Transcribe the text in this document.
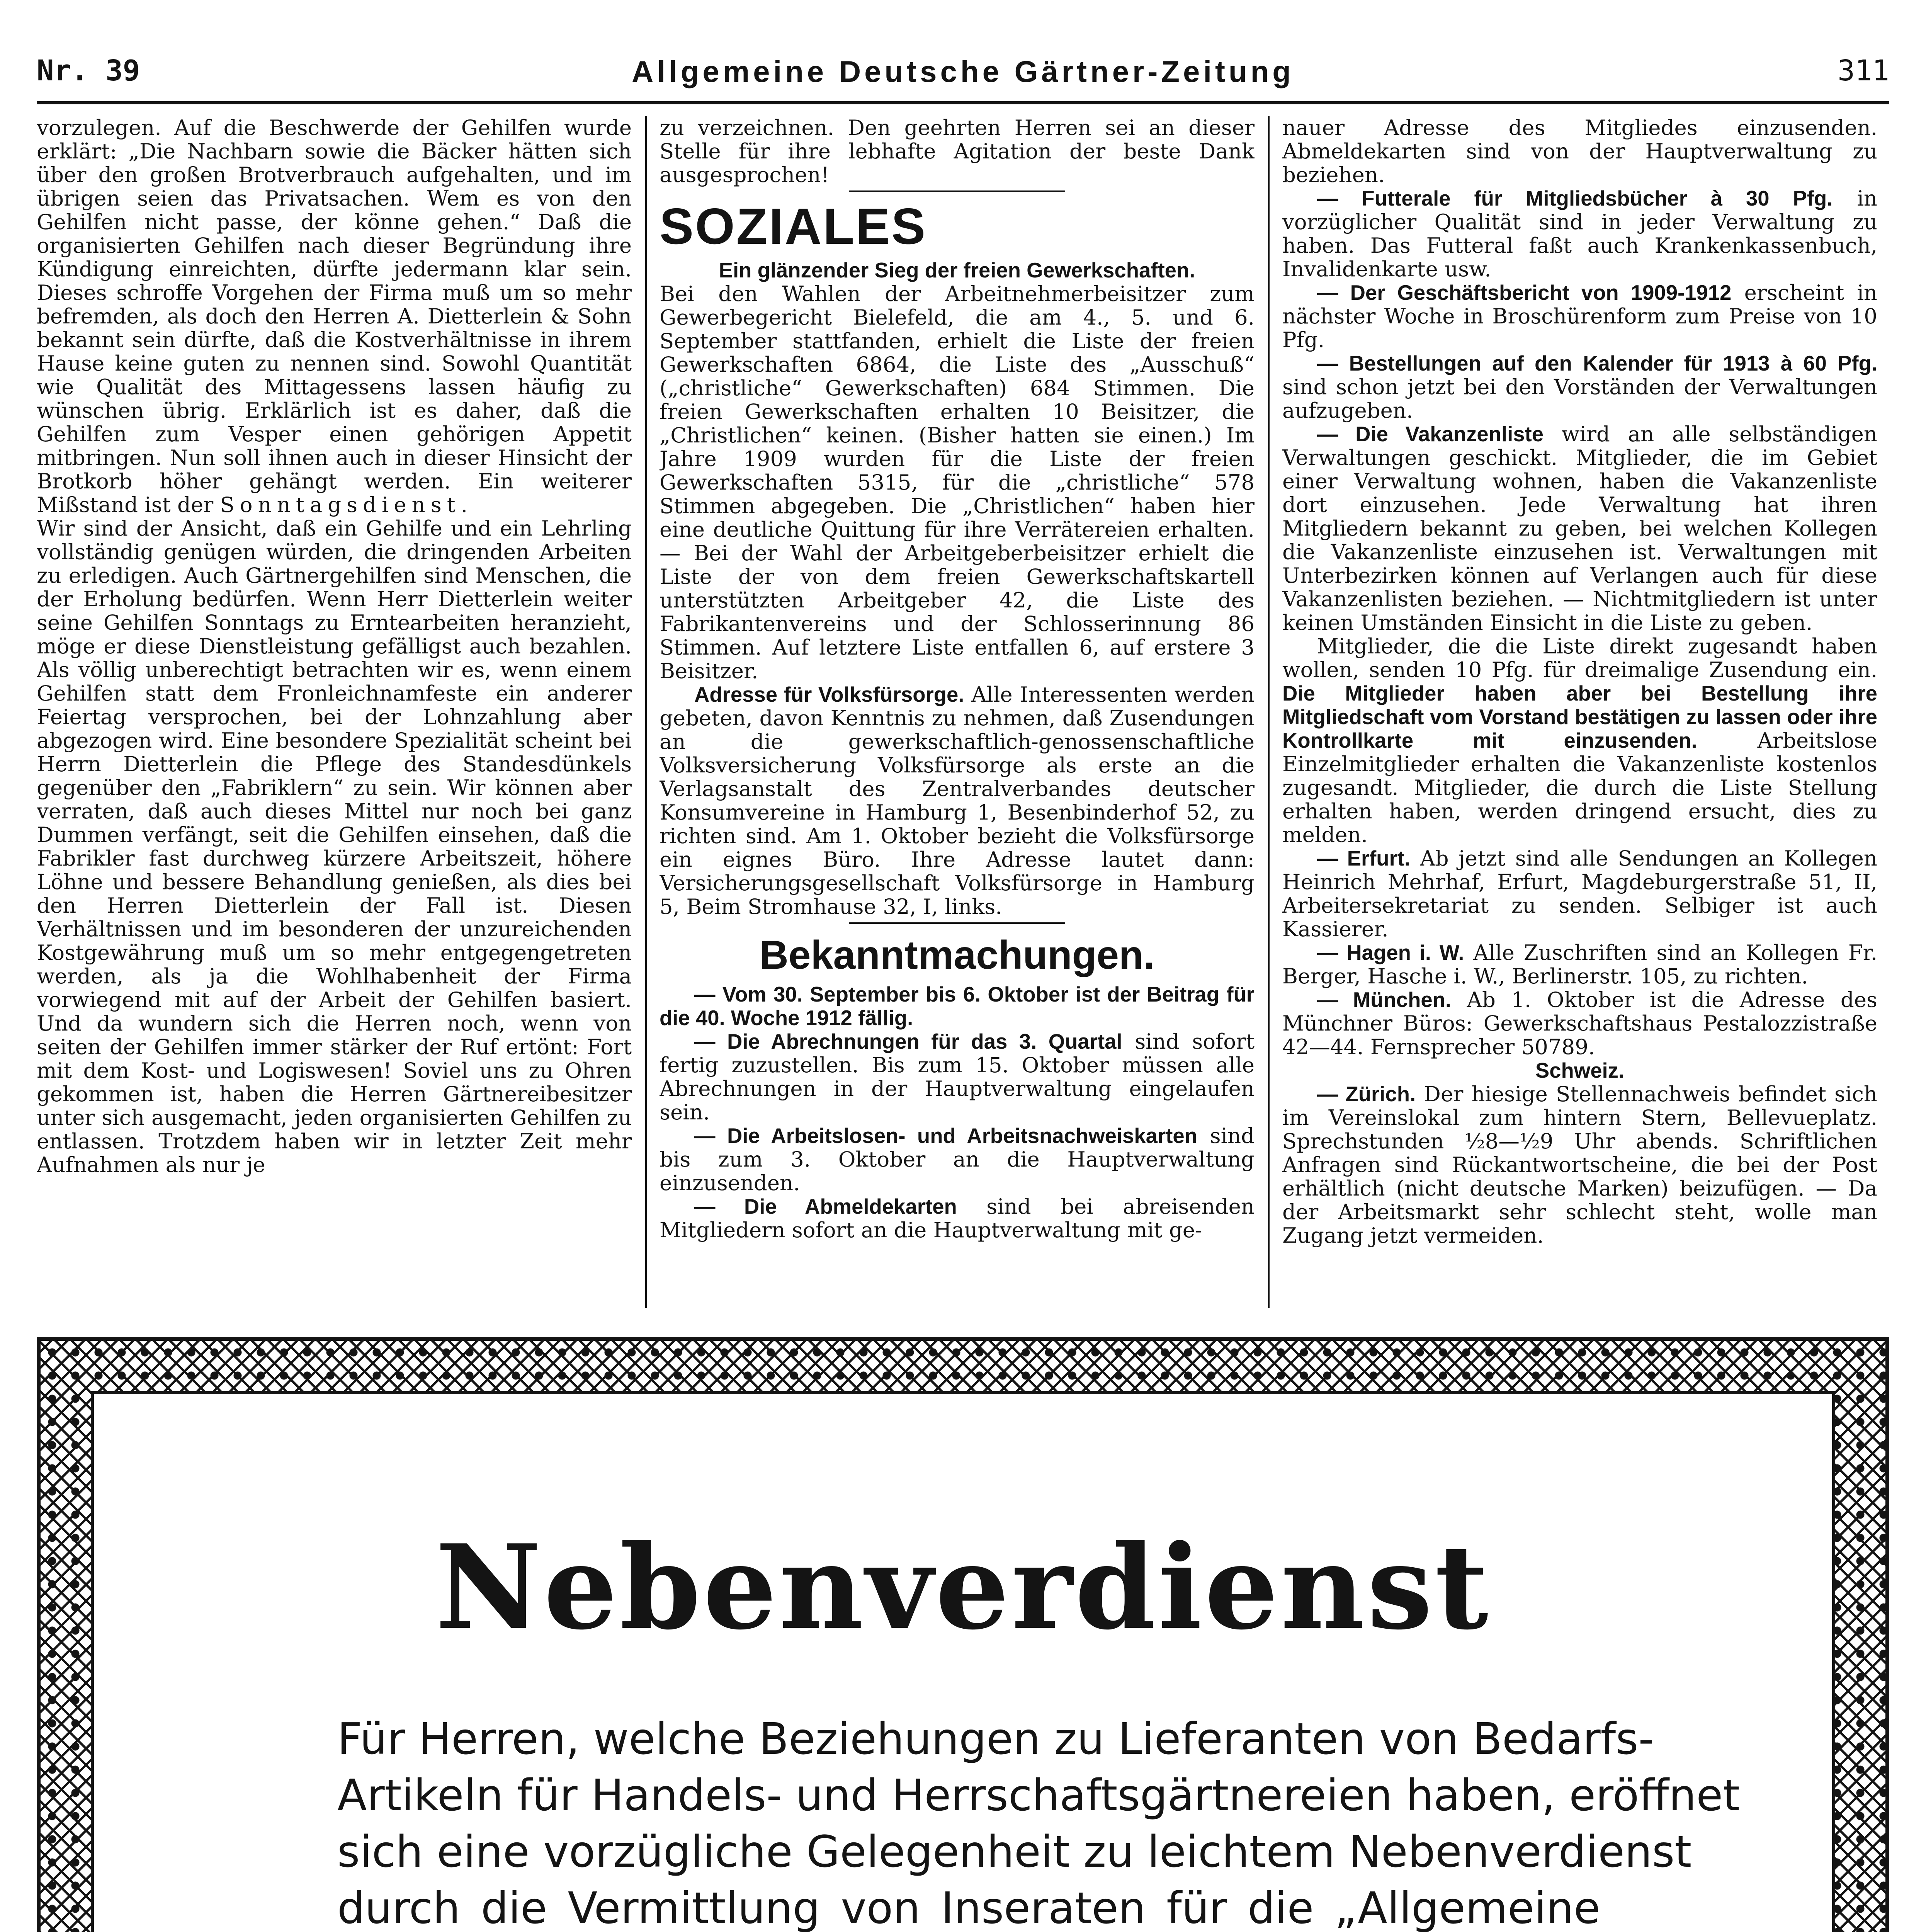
Nr. 39	Allgemeine Deutsche Gärtner-Zeitung	311

vorzulegen. Auf die Beschwerde der Gehilfen wurde erklärt: „Die Nachbarn sowie die Bäcker hätten sich über den großen Brotverbrauch aufgehalten, und im übrigen seien das Privatsachen. Wem es von den Gehilfen nicht passe, der könne gehen.“ Daß die organisierten Gehilfen nach dieser Begründung ihre Kündigung einreichten, dürfte jedermann klar sein. Dieses schroffe Vorgehen der Firma muß um so mehr befremden, als doch den Herren A. Dietterlein & Sohn bekannt sein dürfte, daß die Kostverhältnisse in ihrem Hause keine guten zu nennen sind. Sowohl Quantität wie Qualität des Mittagessens lassen häufig zu wünschen übrig. Erklärlich ist es daher, daß die Gehilfen zum Vesper einen gehörigen Appetit mitbringen. Nun soll ihnen auch in dieser Hinsicht der Brotkorb höher gehängt werden. Ein weiterer Mißstand ist der Sonntagsdienst.

Wir sind der Ansicht, daß ein Gehilfe und ein Lehrling vollständig genügen würden, die dringenden Arbeiten zu erledigen. Auch Gärtnergehilfen sind Menschen, die der Erholung bedürfen. Wenn Herr Dietterlein weiter seine Gehilfen Sonntags zu Erntearbeiten heranzieht, möge er diese Dienstleistung gefälligst auch bezahlen. Als völlig unberechtigt betrachten wir es, wenn einem Gehilfen statt dem Fronleichnamfeste ein anderer Feiertag versprochen, bei der Lohnzahlung aber abgezogen wird. Eine besondere Spezialität scheint bei Herrn Dietterlein die Pflege des Standesdünkels gegenüber den „Fabriklern“ zu sein. Wir können aber verraten, daß auch dieses Mittel nur noch bei ganz Dummen verfängt, seit die Gehilfen einsehen, daß die Fabrikler fast durchweg kürzere Arbeitszeit, höhere Löhne und bessere Behandlung genießen, als dies bei den Herren Dietterlein der Fall ist. Diesen Verhältnissen und im besonderen der unzureichenden Kostgewährung muß um so mehr entgegengetreten werden, als ja die Wohlhabenheit der Firma vorwiegend mit auf der Arbeit der Gehilfen basiert. Und da wundern sich die Herren noch, wenn von seiten der Gehilfen immer stärker der Ruf ertönt: Fort mit dem Kost- und Logiswesen! Soviel uns zu Ohren gekommen ist, haben die Herren Gärtnereibesitzer unter sich ausgemacht, jeden organisierten Gehilfen zu entlassen. Trotzdem haben wir in letzter Zeit mehr Aufnahmen als nur je

zu verzeichnen. Den geehrten Herren sei an dieser Stelle für ihre lebhafte Agitation der beste Dank ausgesprochen!

SOZIALES

Ein glänzender Sieg der freien Gewerkschaften.

Bei den Wahlen der Arbeitnehmerbeisitzer zum Gewerbegericht Bielefeld, die am 4., 5. und 6. September stattfanden, erhielt die Liste der freien Gewerkschaften 6864, die Liste des „Ausschuß“ („christliche“ Gewerkschaften) 684 Stimmen. Die freien Gewerkschaften erhalten 10 Beisitzer, die „Christlichen“ keinen. (Bisher hatten sie einen.) Im Jahre 1909 wurden für die Liste der freien Gewerkschaften 5315, für die „christliche“ 578 Stimmen abgegeben. Die „Christlichen“ haben hier eine deutliche Quittung für ihre Verrätereien erhalten. — Bei der Wahl der Arbeitgeberbeisitzer erhielt die Liste der von dem freien Gewerkschaftskartell unterstützten Arbeitgeber 42, die Liste des Fabrikantenvereins und der Schlosserinnung 86 Stimmen. Auf letztere Liste entfallen 6, auf erstere 3 Beisitzer.

Adresse für Volksfürsorge. Alle Interessenten werden gebeten, davon Kenntnis zu nehmen, daß Zusendungen an die gewerkschaftlich-genossenschaftliche Volksversicherung Volksfürsorge als erste an die Verlagsanstalt des Zentralverbandes deutscher Konsumvereine in Hamburg 1, Besenbinderhof 52, zu richten sind. Am 1. Oktober bezieht die Volksfürsorge ein eignes Büro. Ihre Adresse lautet dann: Versicherungsgesellschaft Volksfürsorge in Hamburg 5, Beim Stromhause 32, I, links.

Bekanntmachungen.

— Vom 30. September bis 6. Oktober ist der Beitrag für die 40. Woche 1912 fällig.

— Die Abrechnungen für das 3. Quartal sind sofort fertig zuzustellen. Bis zum 15. Oktober müssen alle Abrechnungen in der Hauptverwaltung eingelaufen sein.

— Die Arbeitslosen- und Arbeitsnachweiskarten sind bis zum 3. Oktober an die Hauptverwaltung einzusenden.

— Die Abmeldekarten sind bei abreisenden Mitgliedern sofort an die Hauptverwaltung mit ge-

nauer Adresse des Mitgliedes einzusenden. Abmeldekarten sind von der Hauptverwaltung zu beziehen.

— Futterale für Mitgliedsbücher à 30 Pfg. in vorzüglicher Qualität sind in jeder Verwaltung zu haben. Das Futteral faßt auch Krankenkassenbuch, Invalidenkarte usw.

— Der Geschäftsbericht von 1909-1912 erscheint in nächster Woche in Broschürenform zum Preise von 10 Pfg.

— Bestellungen auf den Kalender für 1913 à 60 Pfg. sind schon jetzt bei den Vorständen der Verwaltungen aufzugeben.

— Die Vakanzenliste wird an alle selbständigen Verwaltungen geschickt. Mitglieder, die im Gebiet einer Verwaltung wohnen, haben die Vakanzenliste dort einzusehen. Jede Verwaltung hat ihren Mitgliedern bekannt zu geben, bei welchen Kollegen die Vakanzenliste einzusehen ist. Verwaltungen mit Unterbezirken können auf Verlangen auch für diese Vakanzenlisten beziehen. — Nichtmitgliedern ist unter keinen Umständen Einsicht in die Liste zu geben.

Mitglieder, die die Liste direkt zugesandt haben wollen, senden 10 Pfg. für dreimalige Zusendung ein. Die Mitglieder haben aber bei Bestellung ihre Mitgliedschaft vom Vorstand bestätigen zu lassen oder ihre Kontrollkarte mit einzusenden.	Arbeitslose Einzelmitglieder erhalten die Vakanzenliste kostenlos zugesandt. Mitglieder, die durch die Liste Stellung erhalten haben, werden dringend ersucht, dies zu melden.

— Erfurt. Ab jetzt sind alle Sendungen an Kollegen Heinrich Mehrhaf, Erfurt, Magdeburgerstraße 51, II, Arbeitersekretariat zu senden. Selbiger ist auch Kassierer.

— Hagen i. W. Alle Zuschriften sind an Kollegen Fr. Berger, Hasche i. W., Berlinerstr. 105, zu richten.

— München. Ab 1. Oktober ist die Adresse des Münchner Büros: Gewerkschaftshaus Pestalozzistraße 42—44. Fernsprecher 50789.

Schweiz.

— Zürich. Der hiesige Stellennachweis befindet sich im Vereinslokal zum hintern Stern, Bellevueplatz. Sprechstunden ½8—½9 Uhr abends. Schriftlichen Anfragen sind Rückantwortscheine, die bei der Post erhältlich (nicht deutsche Marken) beizufügen. — Da der Arbeitsmarkt sehr schlecht steht, wolle man Zugang jetzt vermeiden.

Nebenverdienst
Für Herren, welche Beziehungen zu Lieferanten von Bedarfs-
Artikeln für Handels- und Herrschaftsgärtnereien haben, eröffnet
sich eine vorzügliche Gelegenheit zu leichtem Nebenverdienst
durch die Vermittlung von Inseraten für die „Allgemeine
